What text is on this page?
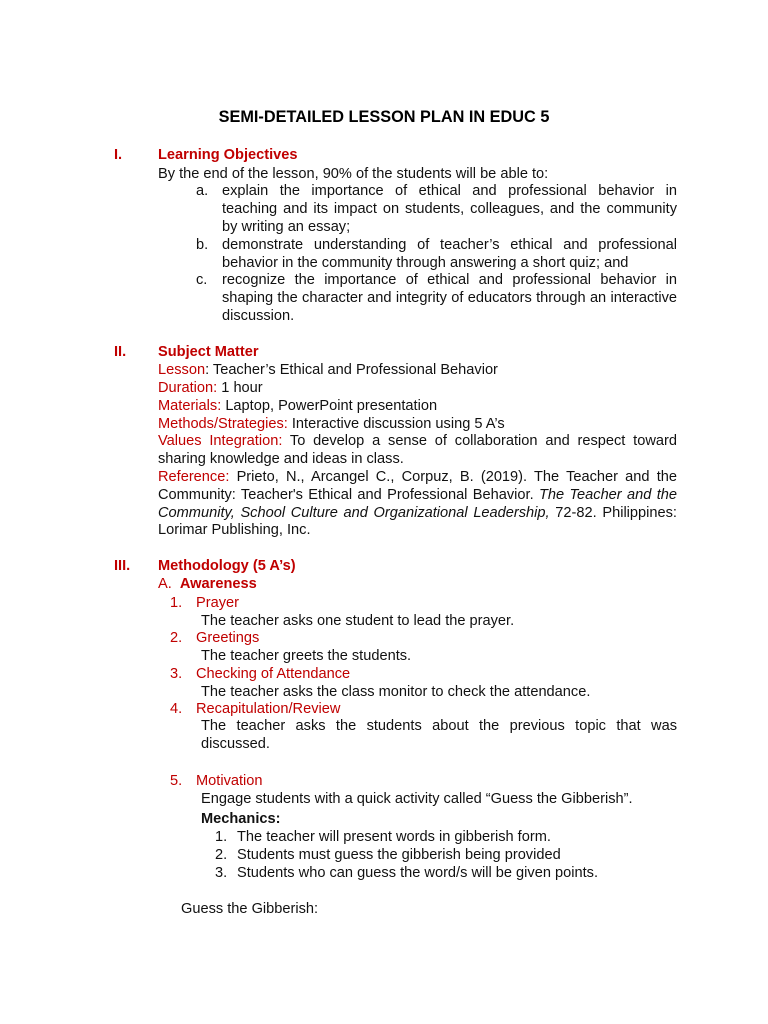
SEMI-DETAILED LESSON PLAN IN EDUC 5
I. Learning Objectives
By the end of the lesson, 90% of the students will be able to:
a. explain the importance of ethical and professional behavior in teaching and its impact on students, colleagues, and the community by writing an essay;
b. demonstrate understanding of teacher’s ethical and professional behavior in the community through answering a short quiz; and
c. recognize the importance of ethical and professional behavior in shaping the character and integrity of educators through an interactive discussion.
II. Subject Matter
Lesson: Teacher’s Ethical and Professional Behavior
Duration: 1 hour
Materials: Laptop, PowerPoint presentation
Methods/Strategies: Interactive discussion using 5 A’s
Values Integration: To develop a sense of collaboration and respect toward sharing knowledge and ideas in class.
Reference: Prieto, N., Arcangel C., Corpuz, B. (2019). The Teacher and the Community: Teacher's Ethical and Professional Behavior. The Teacher and the Community, School Culture and Organizational Leadership, 72-82. Philippines: Lorimar Publishing, Inc.
III. Methodology (5 A’s)
A. Awareness
1. Prayer
The teacher asks one student to lead the prayer.
2. Greetings
The teacher greets the students.
3. Checking of Attendance
The teacher asks the class monitor to check the attendance.
4. Recapitulation/Review
The teacher asks the students about the previous topic that was discussed.
5. Motivation
Engage students with a quick activity called “Guess the Gibberish”.
Mechanics:
1. The teacher will present words in gibberish form.
2. Students must guess the gibberish being provided
3. Students who can guess the word/s will be given points.
Guess the Gibberish:
